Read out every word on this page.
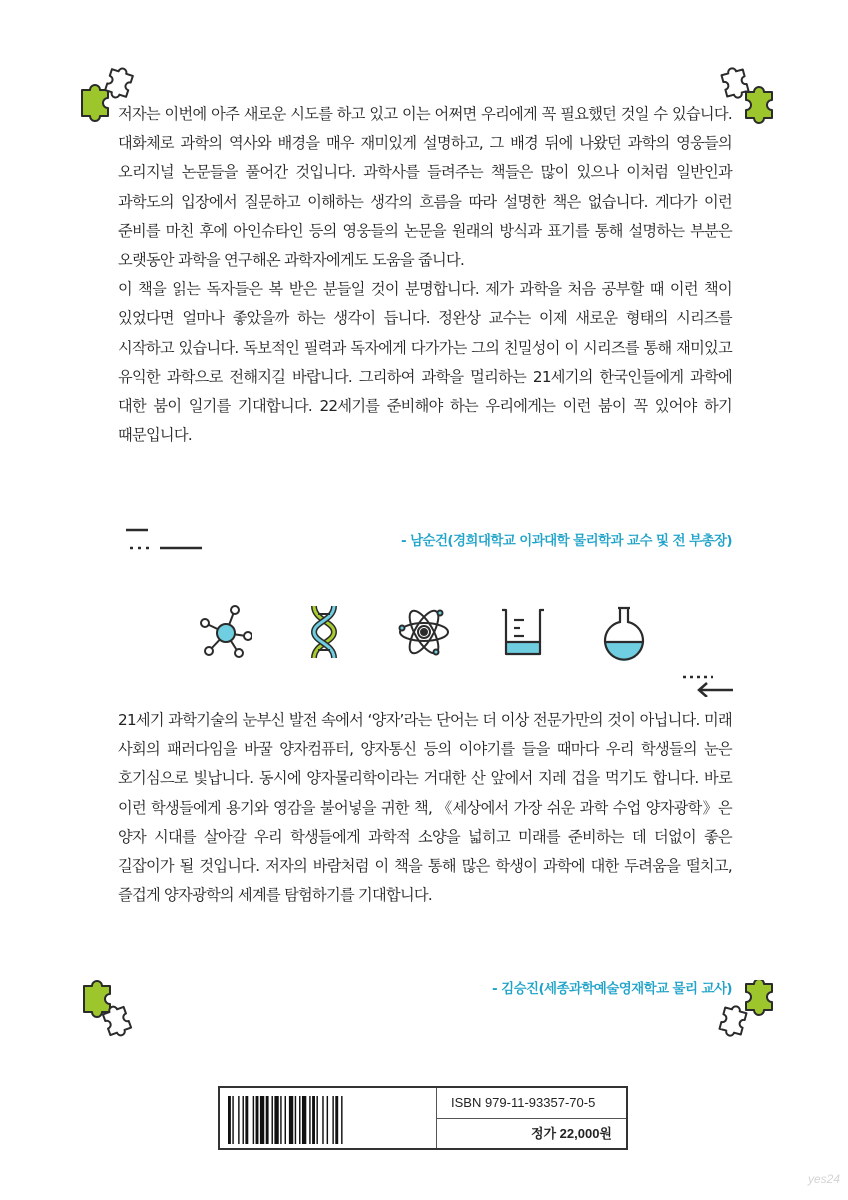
저자는 이번에 아주 새로운 시도를 하고 있고 이는 어쩌면 우리에게 꼭 필요했던 것일 수 있습니다. 대화체로 과학의 역사와 배경을 매우 재미있게 설명하고, 그 배경 뒤에 나왔던 과학의 영웅들의 오리지널 논문들을 풀어간 것입니다. 과학사를 들려주는 책들은 많이 있으나 이처럼 일반인과 과학도의 입장에서 질문하고 이해하는 생각의 흐름을 따라 설명한 책은 없습니다. 게다가 이런 준비를 마친 후에 아인슈타인 등의 영웅들의 논문을 원래의 방식과 표기를 통해 설명하는 부분은 오랫동안 과학을 연구해온 과학자에게도 도움을 줍니다.

이 책을 읽는 독자들은 복 받은 분들일 것이 분명합니다. 제가 과학을 처음 공부할 때 이런 책이 있었다면 얼마나 좋았을까 하는 생각이 듭니다. 정완상 교수는 이제 새로운 형태의 시리즈를 시작하고 있습니다. 독보적인 필력과 독자에게 다가가는 그의 친밀성이 이 시리즈를 통해 재미있고 유익한 과학으로 전해지길 바랍니다. 그리하여 과학을 멀리하는 21세기의 한국인들에게 과학에 대한 붐이 일기를 기대합니다. 22세기를 준비해야 하는 우리에게는 이런 붐이 꼭 있어야 하기 때문입니다.

- 남순건(경희대학교 이과대학 물리학과 교수 및 전 부총장)

21세기 과학기술의 눈부신 발전 속에서 ‘양자’라는 단어는 더 이상 전문가만의 것이 아닙니다. 미래 사회의 패러다임을 바꿀 양자컴퓨터, 양자통신 등의 이야기를 들을 때마다 우리 학생들의 눈은 호기심으로 빛납니다. 동시에 양자물리학이라는 거대한 산 앞에서 지레 겁을 먹기도 합니다. 바로 이런 학생들에게 용기와 영감을 불어넣을 귀한 책, 《세상에서 가장 쉬운 과학 수업 양자광학》은 양자 시대를 살아갈 우리 학생들에게 과학적 소양을 넓히고 미래를 준비하는 데 더없이 좋은 길잡이가 될 것입니다. 저자의 바람처럼 이 책을 통해 많은 학생이 과학에 대한 두려움을 떨치고, 즐겁게 양자광학의 세계를 탐험하기를 기대합니다.

- 김승진(세종과학예술영재학교 물리 교사)
ISBN 979-11-93357-70-5
정가 22,000원
yes24
